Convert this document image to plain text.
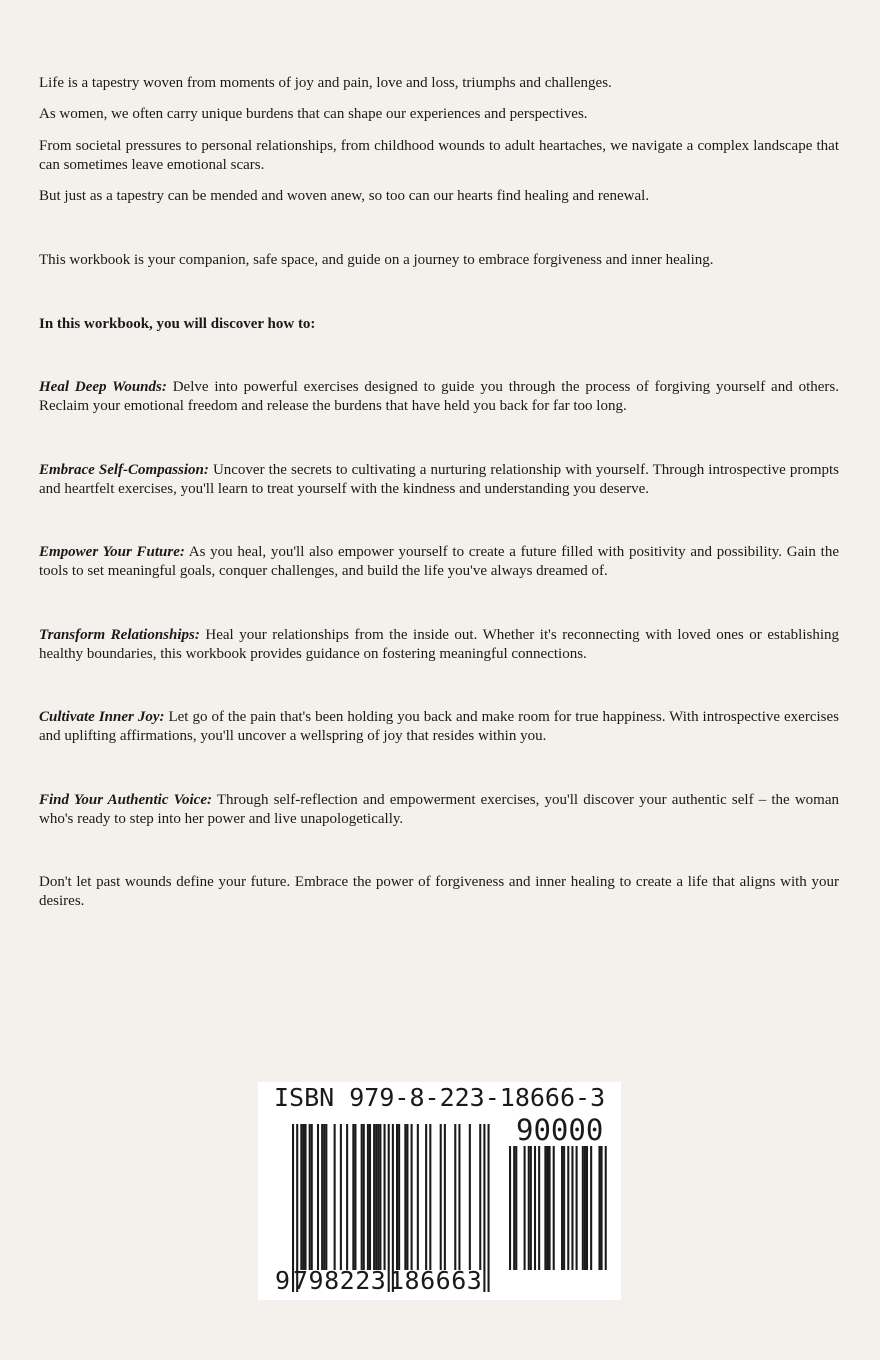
Life is a tapestry woven from moments of joy and pain, love and loss, triumphs and challenges.

As women, we often carry unique burdens that can shape our experiences and perspectives.

From societal pressures to personal relationships, from childhood wounds to adult heartaches, we navigate a complex landscape that can sometimes leave emotional scars.

But just as a tapestry can be mended and woven anew, so too can our hearts find healing and renewal.

This workbook is your companion, safe space, and guide on a journey to embrace forgiveness and inner healing.

In this workbook, you will discover how to:

Heal Deep Wounds: Delve into powerful exercises designed to guide you through the process of forgiving yourself and others. Reclaim your emotional freedom and release the burdens that have held you back for far too long.

Embrace Self-Compassion: Uncover the secrets to cultivating a nurturing relationship with yourself. Through introspective prompts and heartfelt exercises, you'll learn to treat yourself with the kindness and understanding you deserve.

Empower Your Future: As you heal, you'll also empower yourself to create a future filled with positivity and possibility. Gain the tools to set meaningful goals, conquer challenges, and build the life you've always dreamed of.

Transform Relationships: Heal your relationships from the inside out. Whether it's reconnecting with loved ones or establishing healthy boundaries, this workbook provides guidance on fostering meaningful connections.

Cultivate Inner Joy: Let go of the pain that's been holding you back and make room for true happiness. With introspective exercises and uplifting affirmations, you'll uncover a wellspring of joy that resides within you.

Find Your Authentic Voice: Through self-reflection and empowerment exercises, you'll discover your authentic self – the woman who's ready to step into her power and live unapologetically.

Don't let past wounds define your future. Embrace the power of forgiveness and inner healing to create a life that aligns with your desires.

ISBN 979-8-223-18666-3
90000
9 798223 186663
